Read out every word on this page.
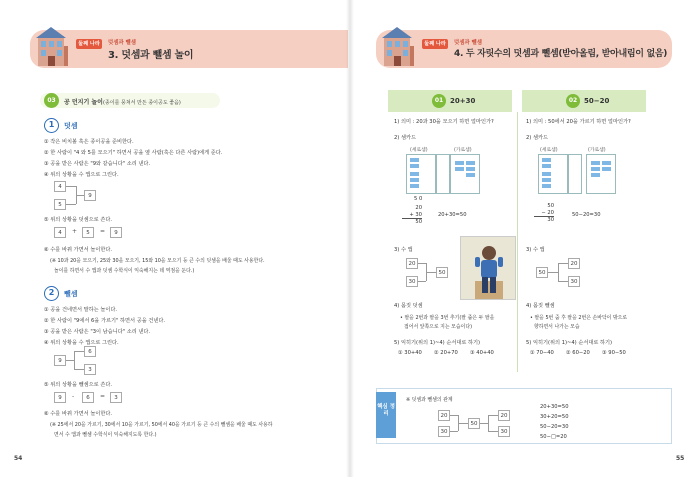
둘째 나라	덧셈과 뺄셈
3. 덧셈과 뺄셈 놀이
03	공 던지기 놀이(종이를 뭉쳐서 만든 종이공도 좋음)
1	덧셈
① 작은 비치볼 혹은 종이공을 준비한다.
② 한 사람이 "4 와 5를 모으기" 하면서 공을 옆 사람(혹은 다른 사람)에게 준다.
③ 공을 받은 사람은 "9와 같습니다" 소리 낸다.
④ 위의 상황을 수 앱으로 그린다.
4
5
9
⑤ 위의 상황을 덧셈으로 쓴다.
4	+	5	=	9
⑥ 수를 바꿔 가면서 놀이한다.
(※ 10과 20을 모으기, 25와 30을 모으기, 15와 10을 모으기 등 큰 수의 덧셈을 배울 때도 사용한다.
놀이를 하면서 수 앱과 덧셈 수학식이 익숙해지는 데 역점을 둔다.)
2	뺄셈
① 공을 건네면서 말하는 놀이다.
② 한 사람이 "9에서 6을 가르기" 하면서 공을 건넨다.
③ 공을 받은 사람은 "3이 남습니다" 소리 낸다.
④ 위의 상황을 수 앱으로 그린다.
9
6
3
⑤ 위의 상황을 뺄셈으로 쓴다.
9	-	6	=	3
⑥ 수를 바꿔 가면서 놀이한다.
(※ 25에서 20을 가르기, 30에서 10을 가르기, 50에서 40을 가르기 등 큰 수의 뺄셈을 배울 때도 사용하
면서 수 앱과 뺄셈 수학식이 익숙해지도록 한다.)
54
둘째 나라	덧셈과 뺄셈
4. 두 자릿수의 덧셈과 뺄셈(받아올림, 받아내림이 없음)
01 20+30	02 50−20
1) 의미 : 20과 30을 모으기 하면 얼마인가?
2) 셈카드
(세로셈)	(가로셈)
5 0
20
+ 30
50
20+30=50
3) 수 앱
20
30
50
4) 몸짓 덧셈
• 팔을 2번과 팔을 3번 추기(팔 줍은 두 팔을
접어서 앞쪽으로 지는 모습이다)
5) 익히기(위의 1)~4) 순서대로 하기)
① 30+40 ② 20+70 ③ 40+40
1) 의미 : 50에서 20을 가르기 하면 얼마인가?
2) 셈카드
(세로셈)	(가로셈)
50
− 20
30
50−20=30
3) 수 앱
50
20
30
4) 몸짓 뺄셈
• 팔을 5번 줌 후 팔을 2번은 손바닥이 밖으로
향하면서 나가는 모습
5) 익히기(위의 1)~4) 순서대로 하기)
① 70−40 ② 60−20 ③ 90−50
핵심 정리
※ 덧셈과 뺄셈의 관계
20
30
50
20
30
20+30=50
30+20=50
50−20=30
50−□=20
55
